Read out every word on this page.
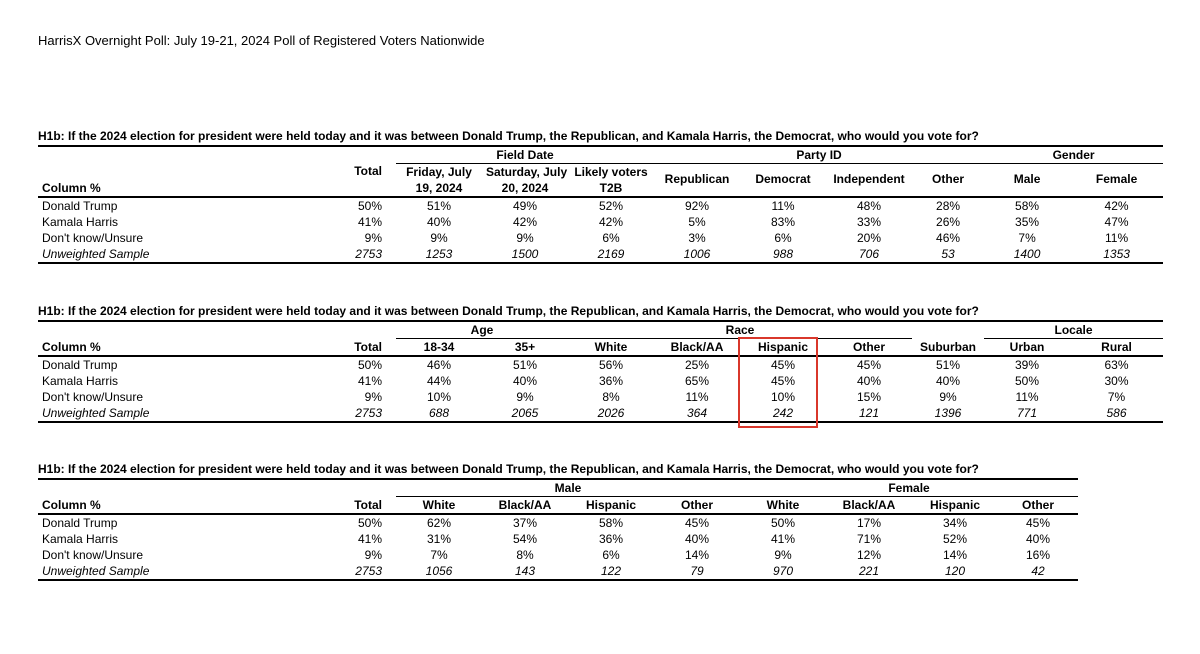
HarrisX Overnight Poll: July 19-21, 2024 Poll of Registered Voters Nationwide
H1b: If the 2024 election for president were held today and it was between Donald Trump, the Republican, and Kamala Harris, the Democrat, who would you vote for?
		Field Date			Party ID				Gender	
		Friday, July	Saturday, July	Likely voters						
Column %	Total	19, 2024	20, 2024	T2B	Republican	Democrat	Independent	Other	Male	Female

Donald Trump	50%	51%	49%	52%	92%	11%	48%	28%	58%	42%
Kamala Harris	41%	40%	42%	42%	5%	83%	33%	26%	35%	47%
Don't know/Unsure	9%	9%	9%	6%	3%	6%	20%	46%	7%	11%
Unweighted Sample	2753	1253	1500	2169	1006	988	706	53	1400	1353
H1b: If the 2024 election for president were held today and it was between Donald Trump, the Republican, and Kamala Harris, the Democrat, who would you vote for?
		Age		Race					Locale	
Column %	Total	18-34	35+	White	Black/AA	Hispanic	Other	Suburban	Urban	Rural
Donald Trump	50%	46%	51%	56%	25%	45%	45%	51%	39%	63%
Kamala Harris	41%	44%	40%	36%	65%	45%	40%	40%	50%	30%
Don't know/Unsure	9%	10%	9%	8%	11%	10%	15%	9%	11%	7%
Unweighted Sample	2753	688	2065	2026	364	242	121	1396	771	586
H1b: If the 2024 election for president were held today and it was between Donald Trump, the Republican, and Kamala Harris, the Democrat, who would you vote for?
		Male				Female			
Column %	Total	White	Black/AA	Hispanic	Other	White	Black/AA	Hispanic	Other
Donald Trump	50%	62%	37%	58%	45%	50%	17%	34%	45%
Kamala Harris	41%	31%	54%	36%	40%	41%	71%	52%	40%
Don't know/Unsure	9%	7%	8%	6%	14%	9%	12%	14%	16%
Unweighted Sample	2753	1056	143	122	79	970	221	120	42
